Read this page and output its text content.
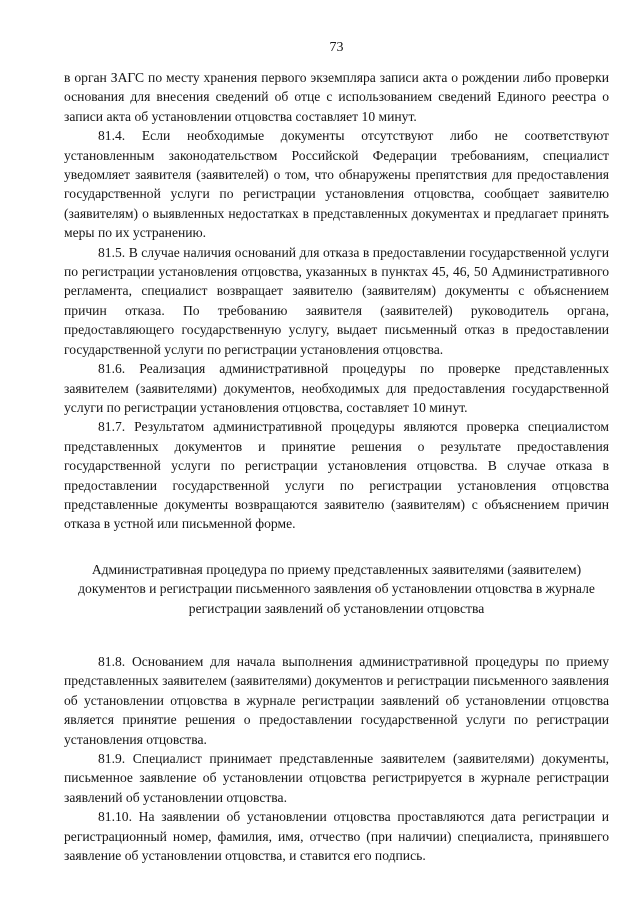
73

в орган ЗАГС по месту хранения первого экземпляра записи акта о рождении либо проверки основания для внесения сведений об отце с использованием сведений Единого реестра о записи акта об установлении отцовства составляет 10 минут.

81.4. Если необходимые документы отсутствуют либо не соответствуют установленным законодательством Российской Федерации требованиям, специалист уведомляет заявителя (заявителей) о том, что обнаружены препятствия для предоставления государственной услуги по регистрации установления отцовства, сообщает заявителю (заявителям) о выявленных недостатках в представленных документах и предлагает принять меры по их устранению.

81.5. В случае наличия оснований для отказа в предоставлении государственной услуги по регистрации установления отцовства, указанных в пунктах 45, 46, 50 Административного регламента, специалист возвращает заявителю (заявителям) документы с объяснением причин отказа. По требованию заявителя (заявителей) руководитель органа, предоставляющего государственную услугу, выдает письменный отказ в предоставлении государственной услуги по регистрации установления отцовства.

81.6. Реализация административной процедуры по проверке представленных заявителем (заявителями) документов, необходимых для предоставления государственной услуги по регистрации установления отцовства, составляет 10 минут.

81.7. Результатом административной процедуры являются проверка специалистом представленных документов и принятие решения о результате предоставления государственной услуги по регистрации установления отцовства. В случае отказа в предоставлении государственной услуги по регистрации установления отцовства представленные документы возвращаются заявителю (заявителям) с объяснением причин отказа в устной или письменной форме.

Административная процедура по приему представленных заявителями (заявителем) документов и регистрации письменного заявления об установлении отцовства в журнале регистрации заявлений об установлении отцовства

81.8. Основанием для начала выполнения административной процедуры по приему представленных заявителем (заявителями) документов и регистрации письменного заявления об установлении отцовства в журнале регистрации заявлений об установлении отцовства является принятие решения о предоставлении государственной услуги по регистрации установления отцовства.

81.9. Специалист принимает представленные заявителем (заявителями) документы, письменное заявление об установлении отцовства регистрируется в журнале регистрации заявлений об установлении отцовства.

81.10. На заявлении об установлении отцовства проставляются дата регистрации и регистрационный номер, фамилия, имя, отчество (при наличии) специалиста, принявшего заявление об установлении отцовства, и ставится его подпись.
